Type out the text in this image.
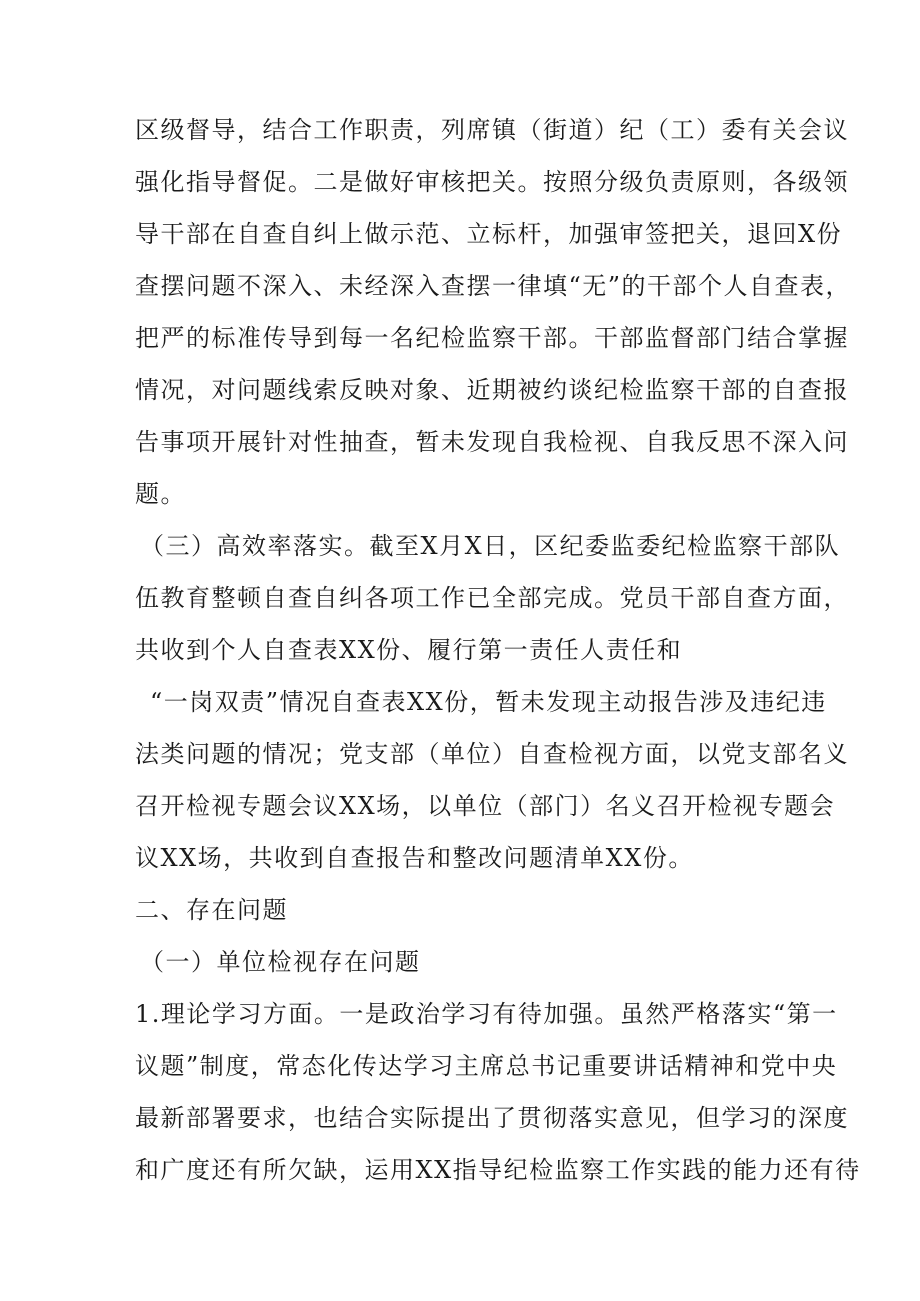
区级督导，结合工作职责，列席镇（街道）纪（工）委有关会议
强化指导督促。二是做好审核把关。按照分级负责原则，各级领
导干部在自查自纠上做示范、立标杆，加强审签把关，退回X份
查摆问题不深入、未经深入查摆一律填“无”的干部个人自查表，
把严的标准传导到每一名纪检监察干部。干部监督部门结合掌握
情况，对问题线索反映对象、近期被约谈纪检监察干部的自查报
告事项开展针对性抽查，暂未发现自我检视、自我反思不深入问
题。
（三）高效率落实。截至X月X日，区纪委监委纪检监察干部队
伍教育整顿自查自纠各项工作已全部完成。党员干部自查方面，
共收到个人自查表XX份、履行第一责任人责任和
“一岗双责”情况自查表XX份，暂未发现主动报告涉及违纪违
法类问题的情况；党支部（单位）自查检视方面，以党支部名义
召开检视专题会议XX场，以单位（部门）名义召开检视专题会
议XX场，共收到自查报告和整改问题清单XX份。
二、存在问题
（一）单位检视存在问题
1.理论学习方面。一是政治学习有待加强。虽然严格落实“第一
议题”制度，常态化传达学习主席总书记重要讲话精神和党中央
最新部署要求，也结合实际提出了贯彻落实意见，但学习的深度
和广度还有所欠缺，运用XX指导纪检监察工作实践的能力还有待
